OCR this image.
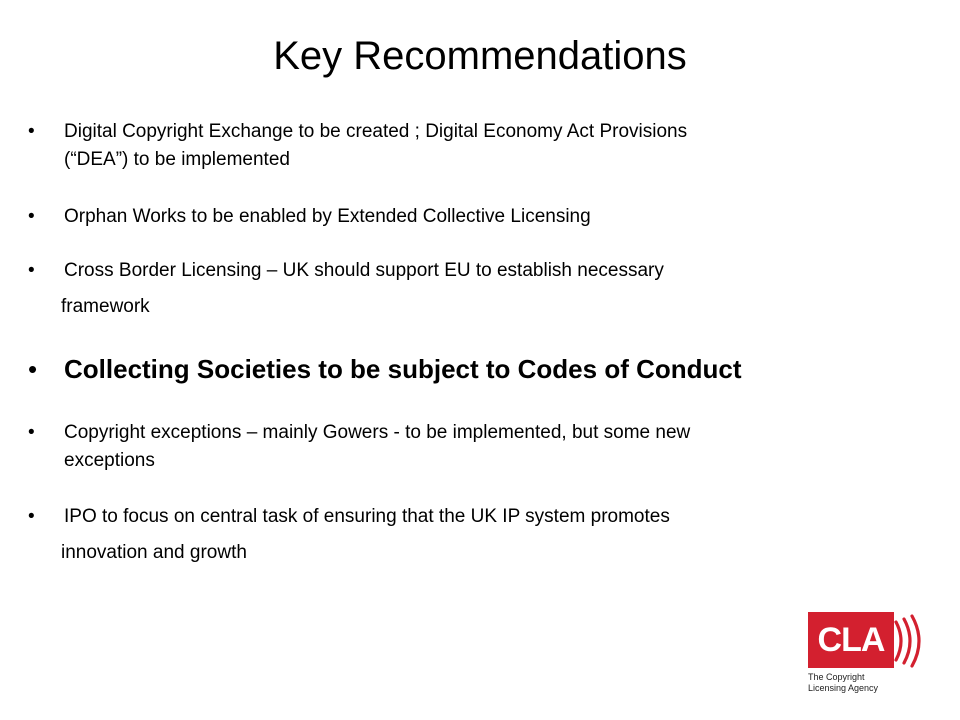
Key Recommendations
•	Digital Copyright Exchange to be created ; Digital Economy Act Provisions
(“DEA”) to be implemented
•	Orphan Works to be enabled by Extended Collective Licensing
•	Cross Border Licensing – UK should support EU to establish necessary
framework
•	Collecting Societies to be subject to Codes of Conduct
•	Copyright exceptions – mainly Gowers - to be implemented, but some new
exceptions
•	IPO to focus on central task of ensuring that the UK IP system promotes
innovation and growth
CLA
The Copyright
Licensing Agency
